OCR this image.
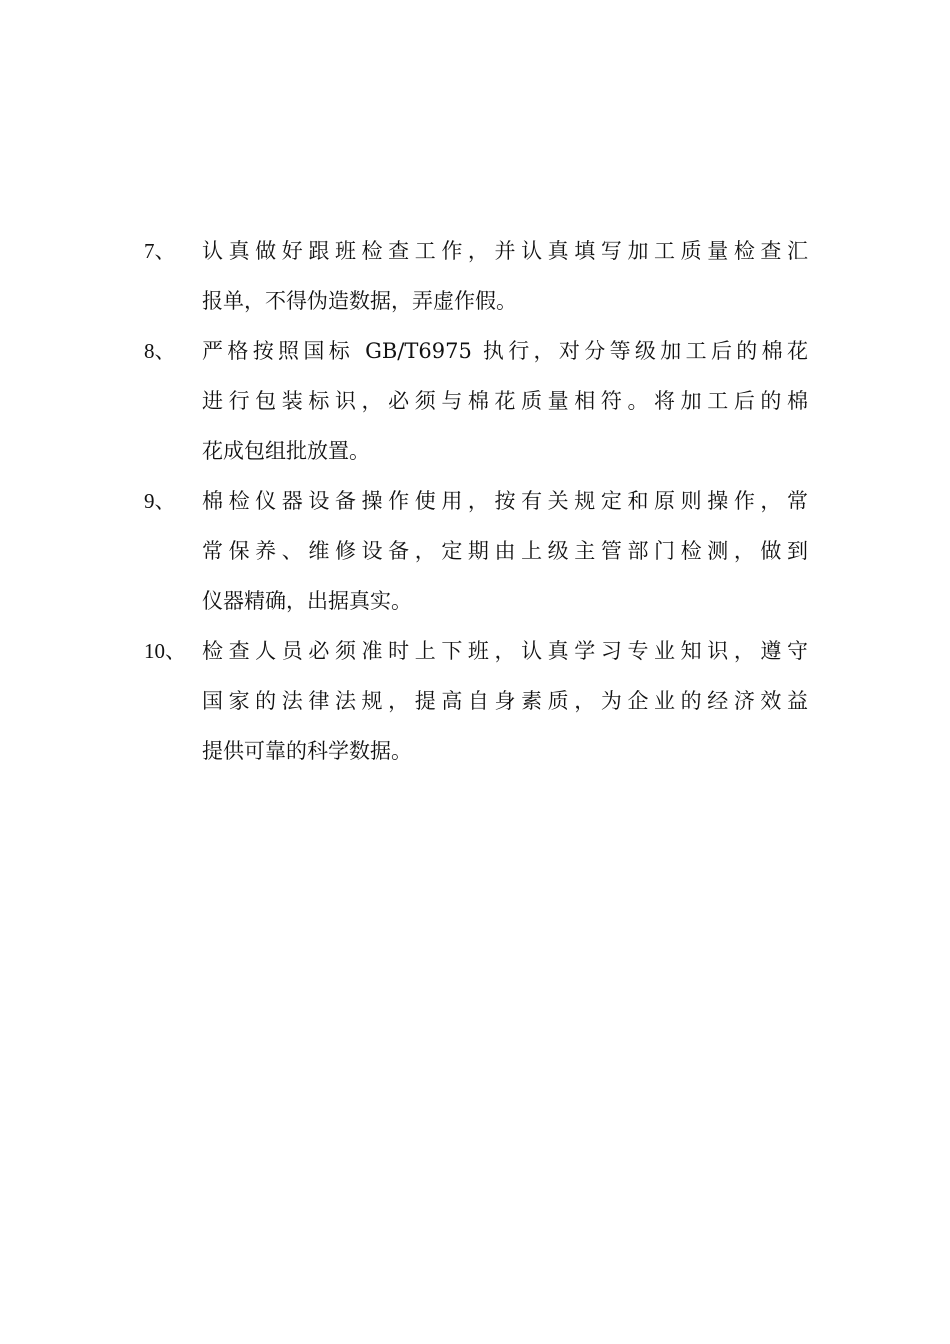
7、	认真做好跟班检查工作，并认真填写加工质量检查汇
报单，不得伪造数据，弄虚作假。
8、	严格按照国标 GB/T6975 执行，对分等级加工后的棉花
进行包装标识，必须与棉花质量相符。将加工后的棉
花成包组批放置。
9、	棉检仪器设备操作使用，按有关规定和原则操作，常
常保养、维修设备，定期由上级主管部门检测，做到
仪器精确，出据真实。
10、 检查人员必须准时上下班，认真学习专业知识，遵守
国家的法律法规，提高自身素质，为企业的经济效益
提供可靠的科学数据。
